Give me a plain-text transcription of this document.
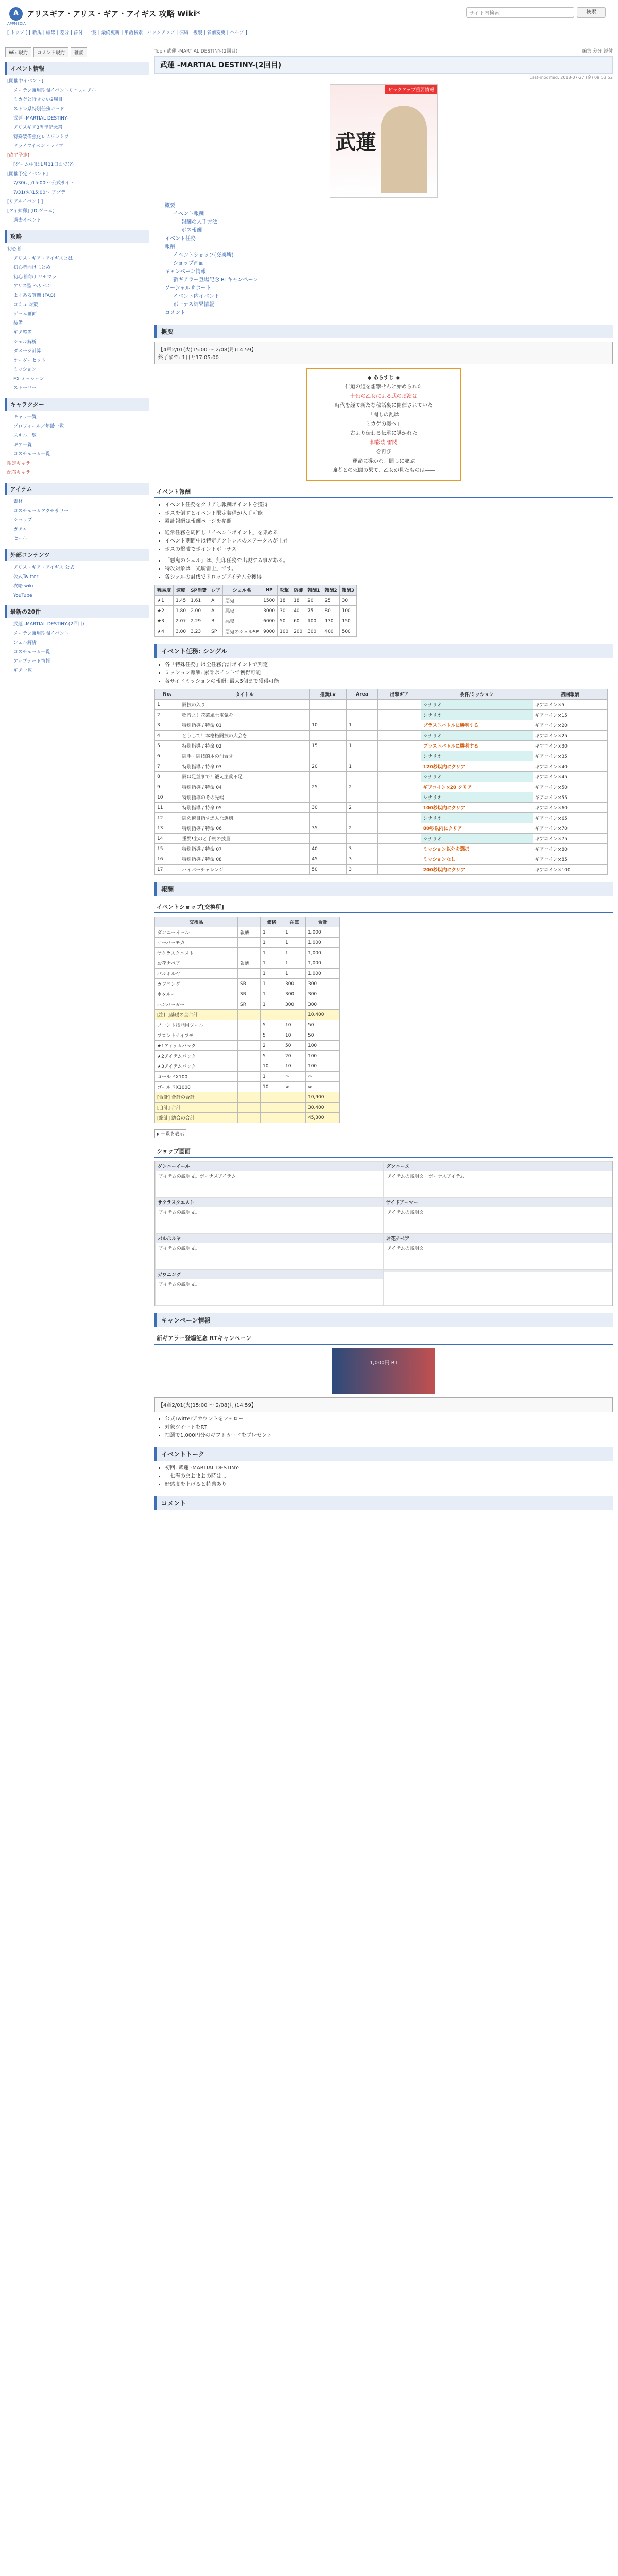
A
APPMEDIA
アリスギア・アリス・ギア・アイギス 攻略 Wiki*	サイト内検索	検索
[ トップ ] [ 新規 | 編集 | 差分 | 添付 | 一覧 | 最終更新 | 単語検索 | バックアップ | 凍結 | 複製 | 名前変更 | ヘルプ ]
Wiki規約	コメント規約	雑談
イベント情報
[開催中イベント]
メーテン兼用期間イベントリニューアル
ミカゲと行きたい2周目
ストレ系特別任務カード
武蓮 -MARTIAL DESTINY-
アリスギア3周年記念祭
特殊装備強化レスワンミツ
ドライブイベントライブ
[終了予定]
[ゲーム中]は1月31日まで(?)
[開催予定イベント]
7/30(月)15:00～ 公式サイト
7/31(火)15:00～ アプデ
[リアルイベント]
[アイ姉郵] (ID:ゲーム)
過去イベント
攻略
初心者
アリス・ギア・アイギスとは
初心者向けまとめ
初心者向け リセマラ
アリス型 ヘリベン
よくある質問 (FAQ)
コミュ 対策
ゲーム画面
装備
ギア整備
シェル解析
ダメージ計算
オーダーセット
ミッション
EX ミッション
ストーリー
キャラクター
キャラ一覧
プロフィール／年齢一覧
スキル一覧
ギア一覧
コスチューム一覧
限定キャラ
配布キャラ
アイテム
素材
コスチュームアクセサリー
ショップ
ガチャ
セール
外部コンテンツ
アリス・ギア・アイギス 公式
公式Twitter
攻略 wiki
YouTube
最新の20件
武蓮 -MARTIAL DESTINY-(2回目)
メーテン兼用期間イベント
シェル解析
コスチューム一覧
アップデート情報
ギア一覧
Top / 武蓮 -MARTIAL DESTINY-(2回目)	編集 差分 添付
武蓮 -MARTIAL DESTINY-(2回目)
Last-modified: 2018-07-27 (金) 09:53:52
ピックアップ重要情報
武蓮
概要
イベント報酬
報酬の入手方法
ボス報酬
イベント任務
報酬
イベントショップ(交換所)
ショップ画面
キャンペーン情報
新ギアラー登場記念 RTキャンペーン
ソーシャルサポート
イベント内イベント
ボーナス結果情報
コメント
概要
【4章2/01(火)15:00 〜 2/08(月)14:59】
終了まで: 1日と17:05:00
◆ あらすじ ◆
仁道の道を想撃せんと始められた
十色の乙女による武の頂演は
時代を経て新たな秘話裏に開催されていた
「闇しの乱は
ミカゲの奥へ」
古より伝わる伝承に導かれた
和彩装 雷閃
を再び
運命に導かれ、闇しに並ぶ
強者との死闘の果て、乙女が見たものは――
イベント報酬
• イベント任務をクリアし報酬ポイントを獲得
• ボスを倒すとイベント限定装備が入手可能
• 累計報酬は報酬ページを参照
• 通常任務を周回し「イベントポイント」を集める
• イベント期間中は特定アクトレスのステータスが上昇
• ボスの撃破でポイントボーナス
• 「悪鬼のシェル」は、無印任務で出現する事がある。
• 特攻対象は「光騎雷士」です。
• 各シェルの討伐でドロップアイテムを獲得
難易度	速度	SP消費	レア	シェル名	HP	攻撃	防御	報酬1	報酬2	報酬3
★1	1.45	1.61	A	悪鬼	1500	18	18	20	25	30
★2	1.80	2.00	A	悪鬼	3000	30	40	75	80	100
★3	2.07	2.29	B	悪鬼	6000	50	60	100	130	150
★4	3.00	3.23	SP	悪鬼のシェルSP	9000	100	200	300	400	500
イベント任務: シングル
• 各「特殊任務」は全任務合計ポイントで判定
• ミッション報酬: 累計ポイントで獲得可能
• 各サイドミッションの報酬: 最大5個まで獲得可能
No.	タイトル	推奨Lv	Area	出撃ギア	条件/ミッション	初回報酬
1	闘技の入り				シナリオ	ギアコイン×5
2	物音よ！花芸風土電気を				シナリオ	ギアコイン×15
3	特別指導 / 特命 01	10	1		ブラストバトルに勝利する	ギアコイン×20
4	どうして！本格格闘技の大会を				シナリオ	ギアコイン×25
5	特別指導 / 特命 02	15	1		ブラストバトルに勝利する	ギアコイン×30
6	闘手・闘技的本の前置き				シナリオ	ギアコイン×35
7	特別指導 / 特命 03	20	1		120秒以内にクリア	ギアコイン×40
8	闘は足並まで！鍛え主義不足				シナリオ	ギアコイン×45
9	特別指導 / 特命 04	25	2		ギアコイン×20 クリア	ギアコイン×50
10	特別指導のその先端				シナリオ	ギアコイン×55
11	特別指導 / 特命 05	30	2		100秒以内にクリア	ギアコイン×60
12	闘の術目指す達人な選別				シナリオ	ギアコイン×65
13	特別指導 / 特命 06	35	2		80秒以内にクリア	ギアコイン×70
14	重要!主のと手柄の技量				シナリオ	ギアコイン×75
15	特別指導 / 特命 07	40	3		ミッション以外を選択	ギアコイン×80
16	特別指導 / 特命 08	45	3		ミッションなし	ギアコイン×85
17	ハイパーチャレンジ	50	3		200秒以内にクリア	ギアコイン×100
報酬
イベントショップ[交換所]
交換品		価格	在庫	合計
ダンニーイール	報酬	1	1	1,000
サーバーモカ		1	1	1,000
サクラスクエスト		1	1	1,000
お花ナベア	報酬	1	1	1,000
バルホルヤ		1	1	1,000
ガワニング	SR	1	300	300
ホタルー	SR	1	300	300
ハンバーガー	SR	1	300	300
[注目]基礎の全合計				10,400
フロント技能用ツール		5	10	50
フロントナイフモ		5	10	50
★1アイテムパック		2	50	100
★2アイテムパック		5	20	100
★3アイテムパック		10	10	100
ゴールドX100		1	∞	∞
ゴールドX1000		10	∞	∞
[合計] 合計の合計				10,900
[自計] 合計				30,400
[総計] 総合の合計				45,300
▸ 一覧を表示
ショップ画面
ダンニーイール
アイテムの説明文。ボーナスアイテム
ダンニーヌ
アイテムの説明文。ボーナスアイテム
サクラスクエスト
アイテムの説明文。
サイドアーマー
アイテムの説明文。
バルホルヤ
アイテムの説明文。
お花ナベア
アイテムの説明文。
ガワニング
アイテムの説明文。
キャンペーン情報
新ギアラー登場記念 RTキャンペーン
1,000円 RT
【4章2/01(火)15:00 〜 2/08(月)14:59】
• 公式Twitterアカウントをフォロー
• 対象ツイートをRT
• 抽選で1,000円分のギフトカードをプレゼント
イベントトーク
• 初回: 武蓮 -MARTIAL DESTINY-
• 「七海のまおまおの時は...」
• 好感度を上げると特典あり
コメント
